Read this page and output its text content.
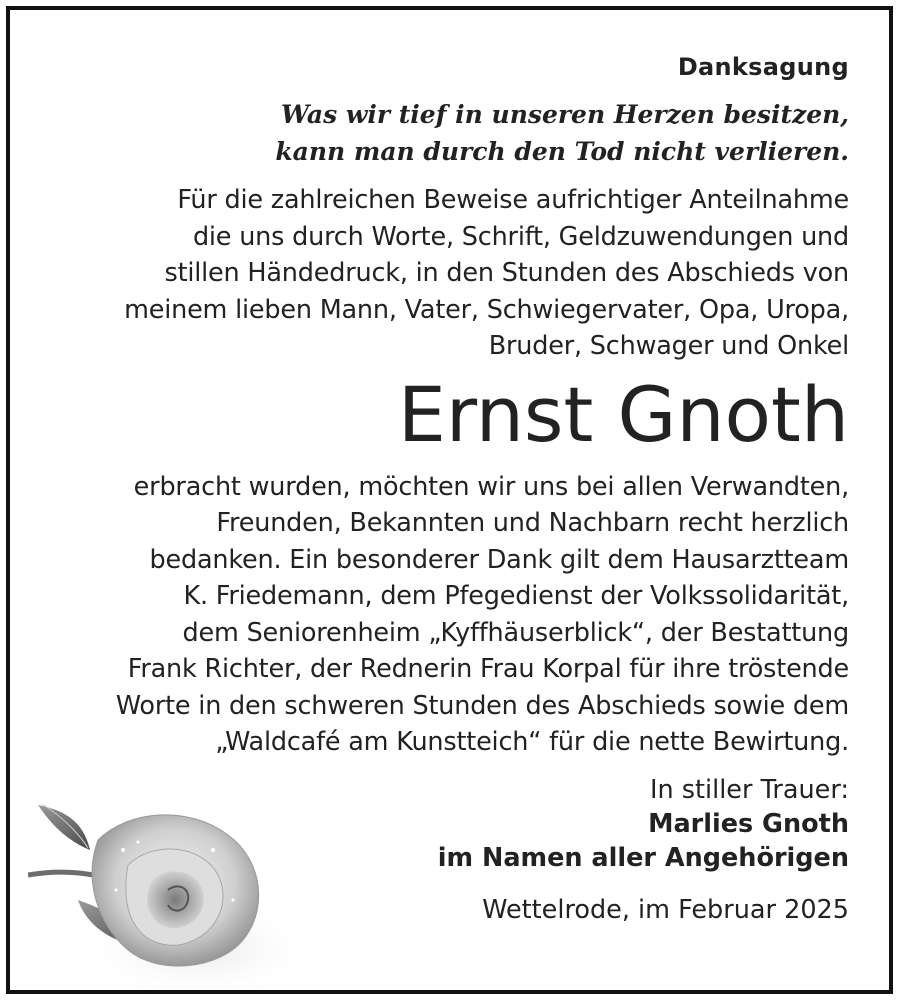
Danksagung
Was wir tief in unseren Herzen besitzen,
kann man durch den Tod nicht verlieren.
Für die zahlreichen Beweise aufrichtiger Anteilnahme
die uns durch Worte, Schrift, Geldzuwendungen und
stillen Händedruck, in den Stunden des Abschieds von
meinem lieben Mann, Vater, Schwiegervater, Opa, Uropa,
Bruder, Schwager und Onkel
Ernst Gnoth
erbracht wurden, möchten wir uns bei allen Verwandten,
Freunden, Bekannten und Nachbarn recht herzlich
bedanken. Ein besonderer Dank gilt dem Hausarztteam
K. Friedemann, dem Pfegedienst der Volkssolidarität,
dem Seniorenheim „Kyffhäuserblick“, der Bestattung
Frank Richter, der Rednerin Frau Korpal für ihre tröstende
Worte in den schweren Stunden des Abschieds sowie dem
„Waldcafé am Kunstteich“ für die nette Bewirtung.
In stiller Trauer:
Marlies Gnoth
im Namen aller Angehörigen
Wettelrode, im Februar 2025
